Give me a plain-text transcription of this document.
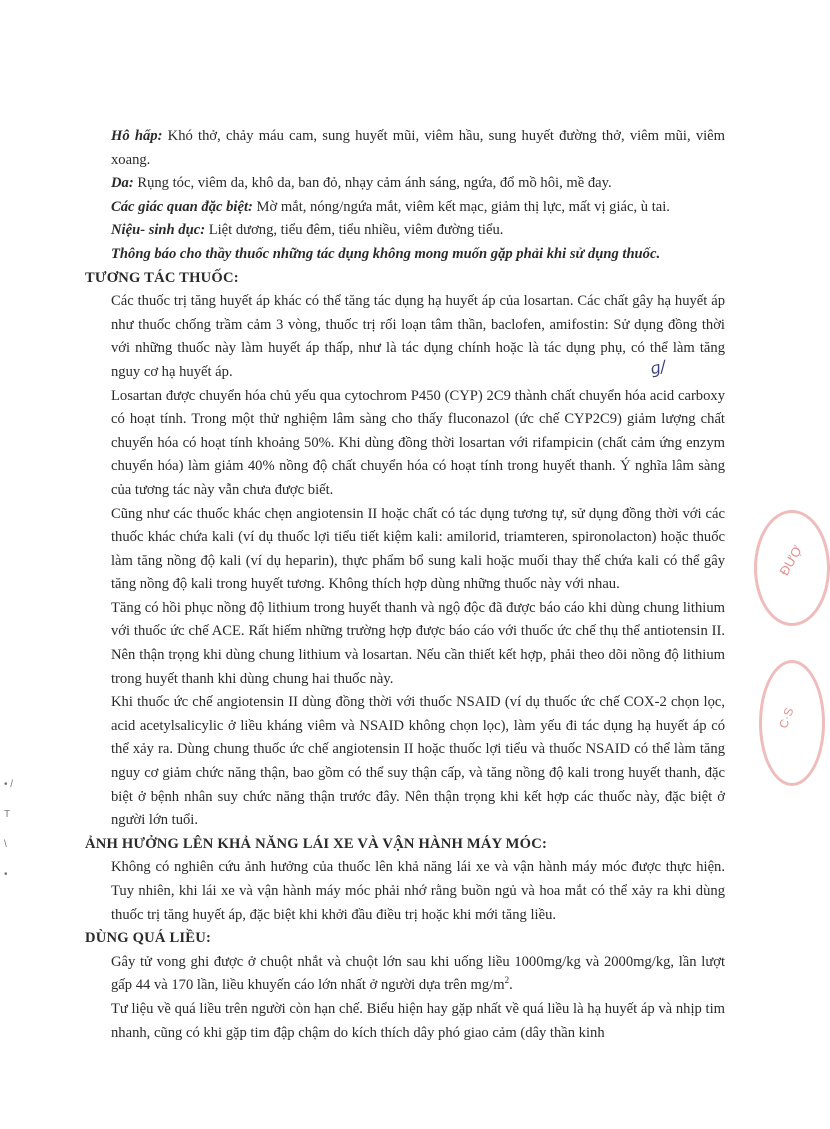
Hô hấp: Khó thở, chảy máu cam, sung huyết mũi, viêm hầu, sung huyết đường thở, viêm mũi, viêm xoang.

Da: Rụng tóc, viêm da, khô da, ban đỏ, nhạy cảm ánh sáng, ngứa, đổ mồ hôi, mề đay.

Các giác quan đặc biệt: Mờ mắt, nóng/ngứa mắt, viêm kết mạc, giảm thị lực, mất vị giác, ù tai.

Niệu- sinh dục: Liệt dương, tiểu đêm, tiểu nhiều, viêm đường tiểu.

Thông báo cho thầy thuốc những tác dụng không mong muốn gặp phải khi sử dụng thuốc.

TƯƠNG TÁC THUỐC:

Các thuốc trị tăng huyết áp khác có thể tăng tác dụng hạ huyết áp của losartan. Các chất gây hạ huyết áp như thuốc chống trầm cảm 3 vòng, thuốc trị rối loạn tâm thần, baclofen, amifostin: Sử dụng đồng thời với những thuốc này làm huyết áp thấp, như là tác dụng chính hoặc là tác dụng phụ, có thể làm tăng nguy cơ hạ huyết áp.

Losartan được chuyển hóa chủ yếu qua cytochrom P450 (CYP) 2C9 thành chất chuyển hóa acid carboxy có hoạt tính. Trong một thử nghiệm lâm sàng cho thấy fluconazol (ức chế CYP2C9) giảm lượng chất chuyển hóa có hoạt tính khoảng 50%. Khi dùng đồng thời losartan với rifampicin (chất cảm ứng enzym chuyển hóa) làm giảm 40% nồng độ chất chuyển hóa có hoạt tính trong huyết thanh. Ý nghĩa lâm sàng của tương tác này vẫn chưa được biết.

Cũng như các thuốc khác chẹn angiotensin II hoặc chất có tác dụng tương tự, sử dụng đồng thời với các thuốc khác chứa kali (ví dụ thuốc lợi tiểu tiết kiệm kali: amilorid, triamteren, spironolacton) hoặc thuốc làm tăng nồng độ kali (ví dụ heparin), thực phẩm bổ sung kali hoặc muối thay thế chứa kali có thể gây tăng nồng độ kali trong huyết tương. Không thích hợp dùng những thuốc này với nhau.

Tăng có hồi phục nồng độ lithium trong huyết thanh và ngộ độc đã được báo cáo khi dùng chung lithium với thuốc ức chế ACE. Rất hiếm những trường hợp được báo cáo với thuốc ức chế thụ thể antiotensin II. Nên thận trọng khi dùng chung lithium và losartan. Nếu cần thiết kết hợp, phải theo dõi nồng độ lithium trong huyết thanh khi dùng chung hai thuốc này.

Khi thuốc ức chế angiotensin II dùng đồng thời với thuốc NSAID (ví dụ thuốc ức chế COX-2 chọn lọc, acid acetylsalicylic ở liều kháng viêm và NSAID không chọn lọc), làm yếu đi tác dụng hạ huyết áp có thể xảy ra. Dùng chung thuốc ức chế angiotensin II hoặc thuốc lợi tiểu và thuốc NSAID có thể làm tăng nguy cơ giảm chức năng thận, bao gồm có thể suy thận cấp, và tăng nồng độ kali trong huyết thanh, đặc biệt ở bệnh nhân suy chức năng thận trước đây. Nên thận trọng khi kết hợp các thuốc này, đặc biệt ở người lớn tuổi.

ẢNH HƯỞNG LÊN KHẢ NĂNG LÁI XE VÀ VẬN HÀNH MÁY MÓC:

Không có nghiên cứu ảnh hưởng của thuốc lên khả năng lái xe và vận hành máy móc được thực hiện. Tuy nhiên, khi lái xe và vận hành máy móc phải nhớ rằng buồn ngủ và hoa mắt có thể xảy ra khi dùng thuốc trị tăng huyết áp, đặc biệt khi khởi đầu điều trị hoặc khi mới tăng liều.

DÙNG QUÁ LIỀU:

Gây tử vong ghi được ở chuột nhắt và chuột lớn sau khi uống liều 1000mg/kg và 2000mg/kg, lần lượt gấp 44 và 170 lần, liều khuyến cáo lớn nhất ở người dựa trên $mg/m^2$.

Tư liệu về quá liều trên người còn hạn chế. Biểu hiện hay gặp nhất về quá liều là hạ huyết áp và nhịp tim nhanh, cũng có khi gặp tim đập chậm do kích thích dây phó giao cảm (dây thần kinh

ɡ/
ĐƯỢ
C·S
• /
T
\
•
